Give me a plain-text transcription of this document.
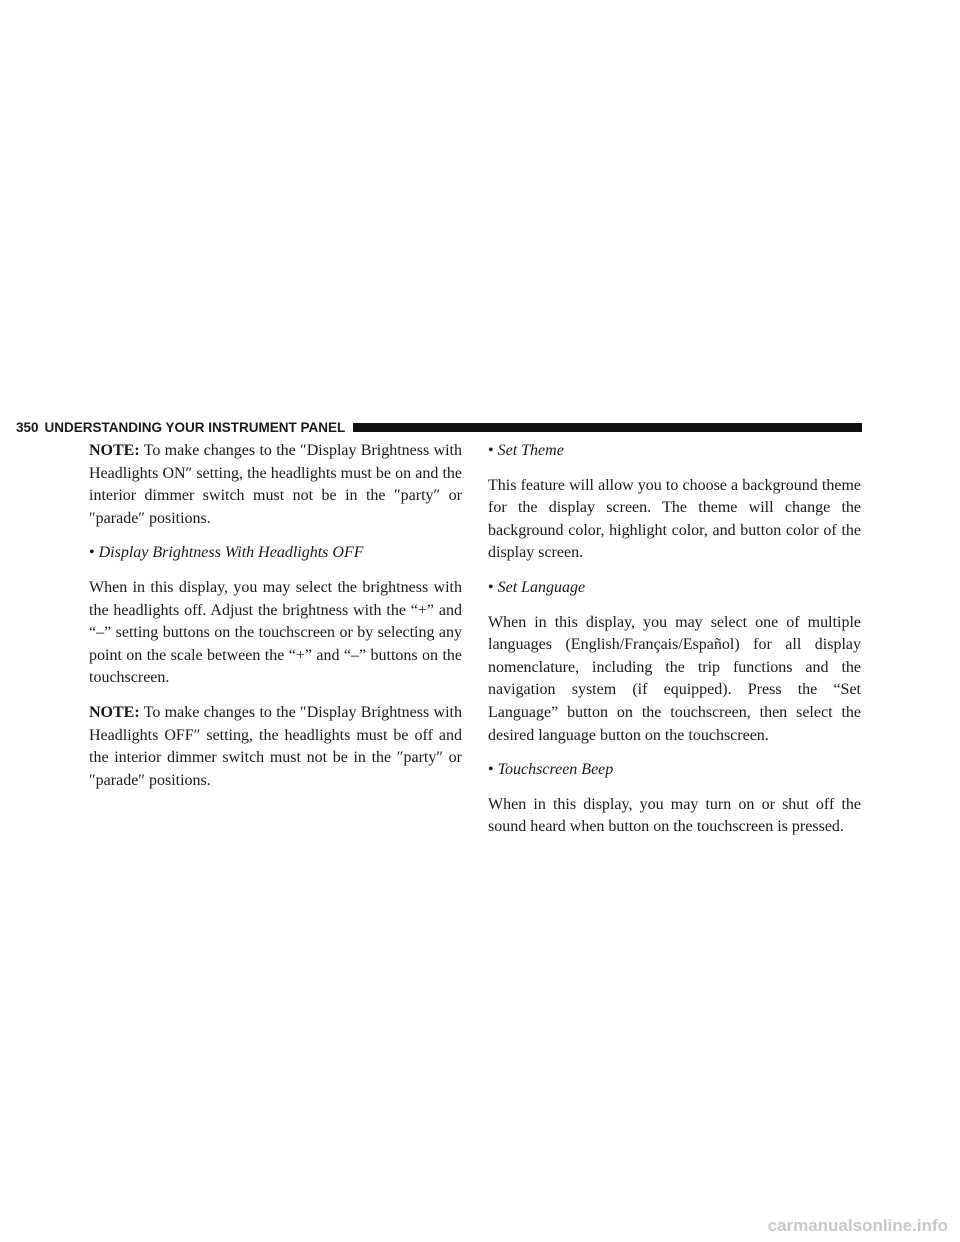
350 UNDERSTANDING YOUR INSTRUMENT PANEL

NOTE: To make changes to the ″Display Brightness with Headlights ON″ setting, the headlights must be on and the interior dimmer switch must not be in the ″party″ or ″parade″ positions.

• Display Brightness With Headlights OFF

When in this display, you may select the brightness with the headlights off. Adjust the brightness with the “+” and “–” setting buttons on the touchscreen or by selecting any point on the scale between the “+” and “–” buttons on the touchscreen.

NOTE: To make changes to the ″Display Brightness with Headlights OFF″ setting, the headlights must be off and the interior dimmer switch must not be in the ″party″ or ″parade″ positions.

• Set Theme

This feature will allow you to choose a background theme for the display screen. The theme will change the background color, highlight color, and button color of the display screen.

• Set Language

When in this display, you may select one of multiple languages (English/Français/Español) for all display nomenclature, including the trip functions and the navigation system (if equipped). Press the “Set Language” button on the touchscreen, then select the desired language button on the touchscreen.

• Touchscreen Beep

When in this display, you may turn on or shut off the sound heard when button on the touchscreen is pressed.

carmanualsonline.info
